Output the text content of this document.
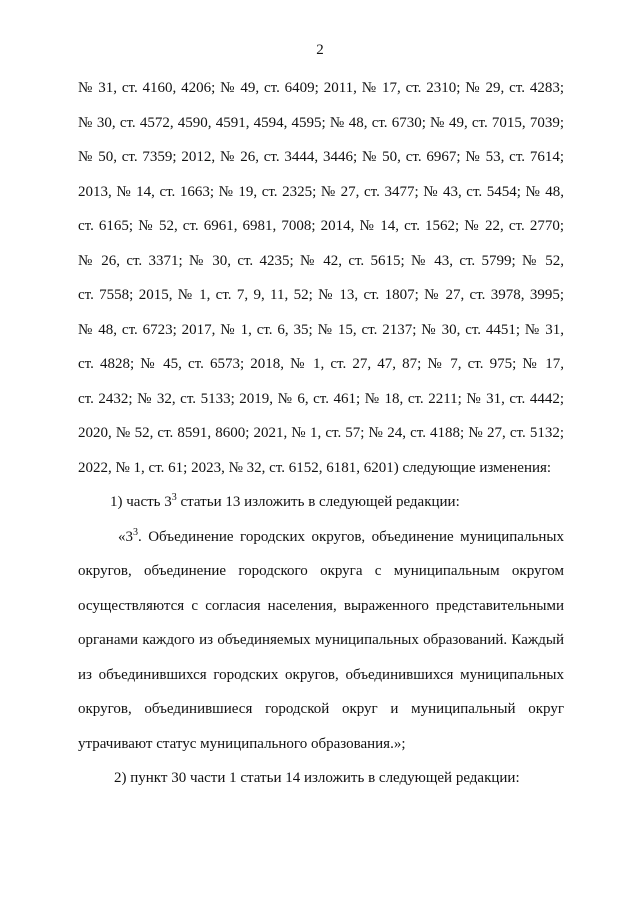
2
№ 31, ст. 4160, 4206; № 49, ст. 6409; 2011, № 17, ст. 2310; № 29, ст. 4283;
№ 30, ст. 4572, 4590, 4591, 4594, 4595; № 48, ст. 6730; № 49, ст. 7015, 7039;
№ 50, ст. 7359; 2012, № 26, ст. 3444, 3446; № 50, ст. 6967; № 53, ст. 7614;
2013, № 14, ст. 1663; № 19, ст. 2325; № 27, ст. 3477; № 43, ст. 5454; № 48,
ст. 6165; № 52, ст. 6961, 6981, 7008; 2014, № 14, ст. 1562; № 22, ст. 2770;
№ 26, ст. 3371; № 30, ст. 4235; № 42, ст. 5615; № 43, ст. 5799; № 52,
ст. 7558; 2015, № 1, ст. 7, 9, 11, 52; № 13, ст. 1807; № 27, ст. 3978, 3995;
№ 48, ст. 6723; 2017, № 1, ст. 6, 35; № 15, ст. 2137; № 30, ст. 4451; № 31,
ст. 4828; № 45, ст. 6573; 2018, № 1, ст. 27, 47, 87; № 7, ст. 975; № 17,
ст. 2432; № 32, ст. 5133; 2019, № 6, ст. 461; № 18, ст. 2211; № 31, ст. 4442;
2020, № 52, ст. 8591, 8600; 2021, № 1, ст. 57; № 24, ст. 4188; № 27, ст. 5132;
2022, № 1, ст. 61; 2023, № 32, ст. 6152, 6181, 6201) следующие изменения:
1) часть $3^3$ статьи 13 изложить в следующей редакции:
«$3^3$. Объединение городских округов, объединение муниципальных
округов, объединение городского округа с муниципальным округом
осуществляются с согласия населения, выраженного представительными
органами каждого из объединяемых муниципальных образований. Каждый
из объединившихся городских округов, объединившихся муниципальных
округов, объединившиеся городской округ и муниципальный округ
утрачивают статус муниципального образования.»;
2) пункт 30 части 1 статьи 14 изложить в следующей редакции:
